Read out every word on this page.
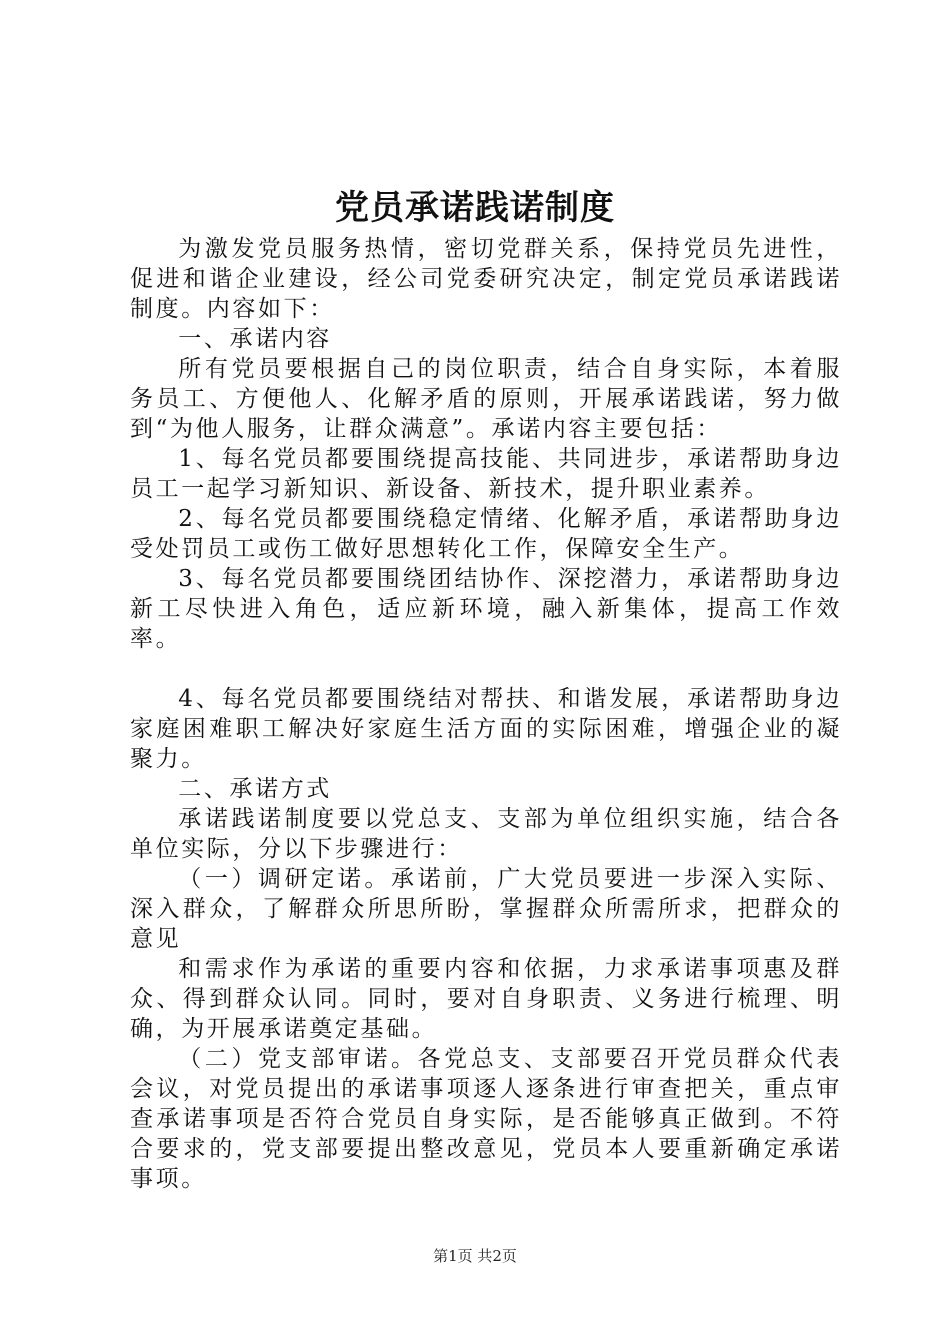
党员承诺践诺制度

为激发党员服务热情，密切党群关系，保持党员先进性，促进和谐企业建设，经公司党委研究决定，制定党员承诺践诺制度。内容如下：

一、承诺内容

所有党员要根据自己的岗位职责，结合自身实际，本着服务员工、方便他人、化解矛盾的原则，开展承诺践诺，努力做到“为他人服务，让群众满意”。承诺内容主要包括：

1、每名党员都要围绕提高技能、共同进步，承诺帮助身边员工一起学习新知识、新设备、新技术，提升职业素养。

2、每名党员都要围绕稳定情绪、化解矛盾，承诺帮助身边受处罚员工或伤工做好思想转化工作，保障安全生产。

3、每名党员都要围绕团结协作、深挖潜力，承诺帮助身边新工尽快进入角色，适应新环境，融入新集体，提高工作效率。

4、每名党员都要围绕结对帮扶、和谐发展，承诺帮助身边家庭困难职工解决好家庭生活方面的实际困难，增强企业的凝聚力。

二、承诺方式

承诺践诺制度要以党总支、支部为单位组织实施，结合各单位实际，分以下步骤进行：

（一）调研定诺。承诺前，广大党员要进一步深入实际、深入群众，了解群众所思所盼，掌握群众所需所求，把群众的意见

和需求作为承诺的重要内容和依据，力求承诺事项惠及群众、得到群众认同。同时，要对自身职责、义务进行梳理、明确，为开展承诺奠定基础。

（二）党支部审诺。各党总支、支部要召开党员群众代表会议，对党员提出的承诺事项逐人逐条进行审查把关，重点审查承诺事项是否符合党员自身实际，是否能够真正做到。不符合要求的，党支部要提出整改意见，党员本人要重新确定承诺事项。

第1页 共2页
